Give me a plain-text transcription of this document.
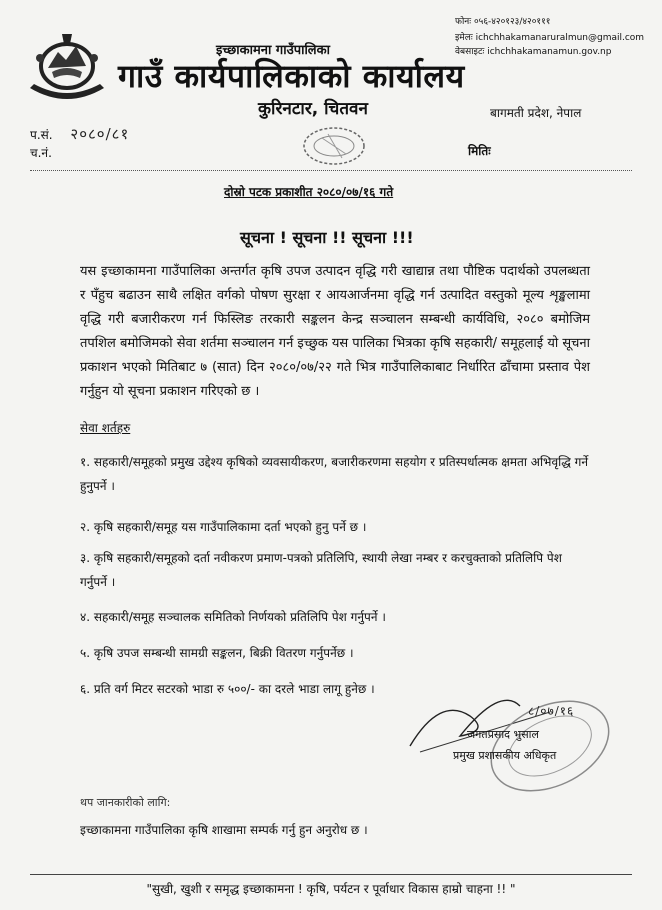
इच्छाकामना गाउँपालिका
गाउँ कार्यपालिकाको कार्यालय
कुरिनटार, चितवन
फोनः ०५६-४२०१२३/४२०१११
इमेलः ichchhakamanaruralmun@gmail.com
वेबसाइटः ichchhakamanamun.gov.np
बागमती प्रदेश, नेपाल
प.सं. २०८०/८१
च.नं.	मितिः
दोस्रो पटक प्रकाशीत २०८०/०७/१६ गते
सूचना ! सूचना !! सूचना !!!
यस इच्छाकामना गाउँपालिका अन्तर्गत कृषि उपज उत्पादन वृद्धि गरी खाद्यान्न तथा पौष्टिक पदार्थको उपलब्धता र पँहुच बढाउन साथै लक्षित वर्गको पोषण सुरक्षा र आयआर्जनमा वृद्धि गर्न उत्पादित वस्तुको मूल्य शृङ्खलामा वृद्धि गरी बजारीकरण गर्न फिस्लिङ तरकारी सङ्कलन केन्द्र सञ्चालन सम्बन्धी कार्यविधि, २०८० बमोजिम तपशिल बमोजिमको सेवा शर्तमा सञ्चालन गर्न इच्छुक यस पालिका भित्रका कृषि सहकारी/ समूहलाई यो सूचना प्रकाशन भएको मितिबाट ७ (सात) दिन २०८०/०७/२२ गते भित्र गाउँपालिकाबाट निर्धारित ढाँचामा प्रस्ताव पेश गर्नुहुन यो सूचना प्रकाशन गरिएको छ ।
सेवा शर्तहरु
१. सहकारी/समूहको प्रमुख उद्देश्य कृषिको व्यवसायीकरण, बजारीकरणमा सहयोग र प्रतिस्पर्धात्मक क्षमता अभिवृद्धि गर्ने हुनुपर्ने ।
२. कृषि सहकारी/समूह यस गाउँपालिकामा दर्ता भएको हुनु पर्ने छ ।
३. कृषि सहकारी/समूहको दर्ता नवीकरण प्रमाण-पत्रको प्रतिलिपि, स्थायी लेखा नम्बर र करचुक्ताको प्रतिलिपि पेश गर्नुपर्ने ।
४. सहकारी/समूह सञ्चालक समितिको निर्णयको प्रतिलिपि पेश गर्नुपर्ने ।
५. कृषि उपज सम्बन्धी सामग्री सङ्कलन, बिक्री वितरण गर्नुपर्नेछ ।
६. प्रति वर्ग मिटर सटरको भाडा रु ५००/- का दरले भाडा लागू हुनेछ ।
८/०७/१६
जगतप्रसाद भुसाल
प्रमुख प्रशासकीय अधिकृत
थप जानकारीको लागि:
इच्छाकामना गाउँपालिका कृषि शाखामा सम्पर्क गर्नु हुन अनुरोध छ ।
"सुखी, खुशी र समृद्ध इच्छाकामना ! कृषि, पर्यटन र पूर्वाधार विकास हाम्रो चाहना !! "
